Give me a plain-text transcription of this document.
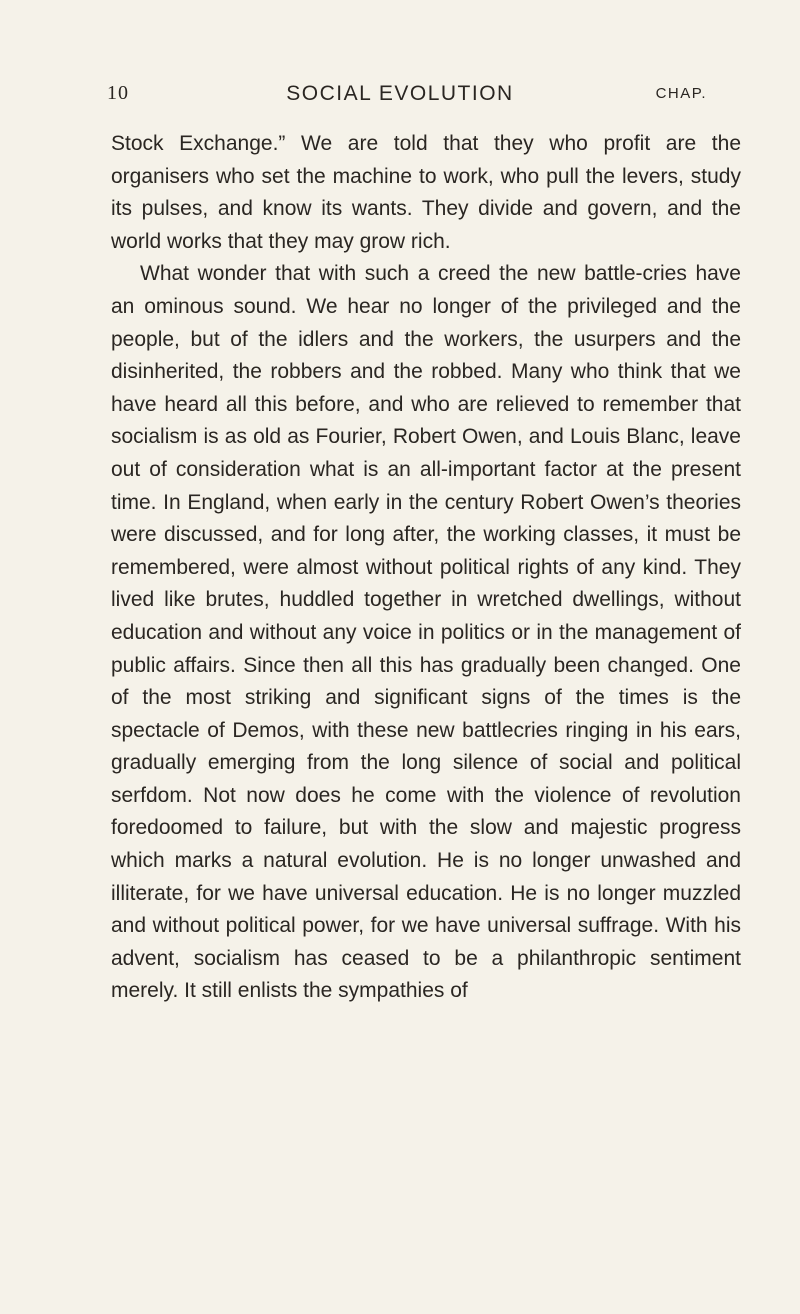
10	SOCIAL EVOLUTION	CHAP.

Stock Exchange.” We are told that they who profit are the organisers who set the machine to work, who pull the levers, study its pulses, and know its wants. They divide and govern, and the world works that they may grow rich.

What wonder that with such a creed the new battle-cries have an ominous sound. We hear no longer of the privileged and the people, but of the idlers and the workers, the usurpers and the disinherited, the robbers and the robbed. Many who think that we have heard all this before, and who are relieved to remember that socialism is as old as Fourier, Robert Owen, and Louis Blanc, leave out of consideration what is an all-important factor at the present time. In England, when early in the century Robert Owen’s theories were discussed, and for long after, the working classes, it must be remembered, were almost without political rights of any kind. They lived like brutes, huddled together in wretched dwellings, without education and without any voice in politics or in the management of public affairs. Since then all this has gradually been changed. One of the most striking and significant signs of the times is the spectacle of Demos, with these new battlecries ringing in his ears, gradually emerging from the long silence of social and political serfdom. Not now does he come with the violence of revolution foredoomed to failure, but with the slow and majestic progress which marks a natural evolution. He is no longer unwashed and illiterate, for we have universal education. He is no longer muzzled and without political power, for we have universal suffrage. With his advent, socialism has ceased to be a philanthropic sentiment merely. It still enlists the sympathies of
